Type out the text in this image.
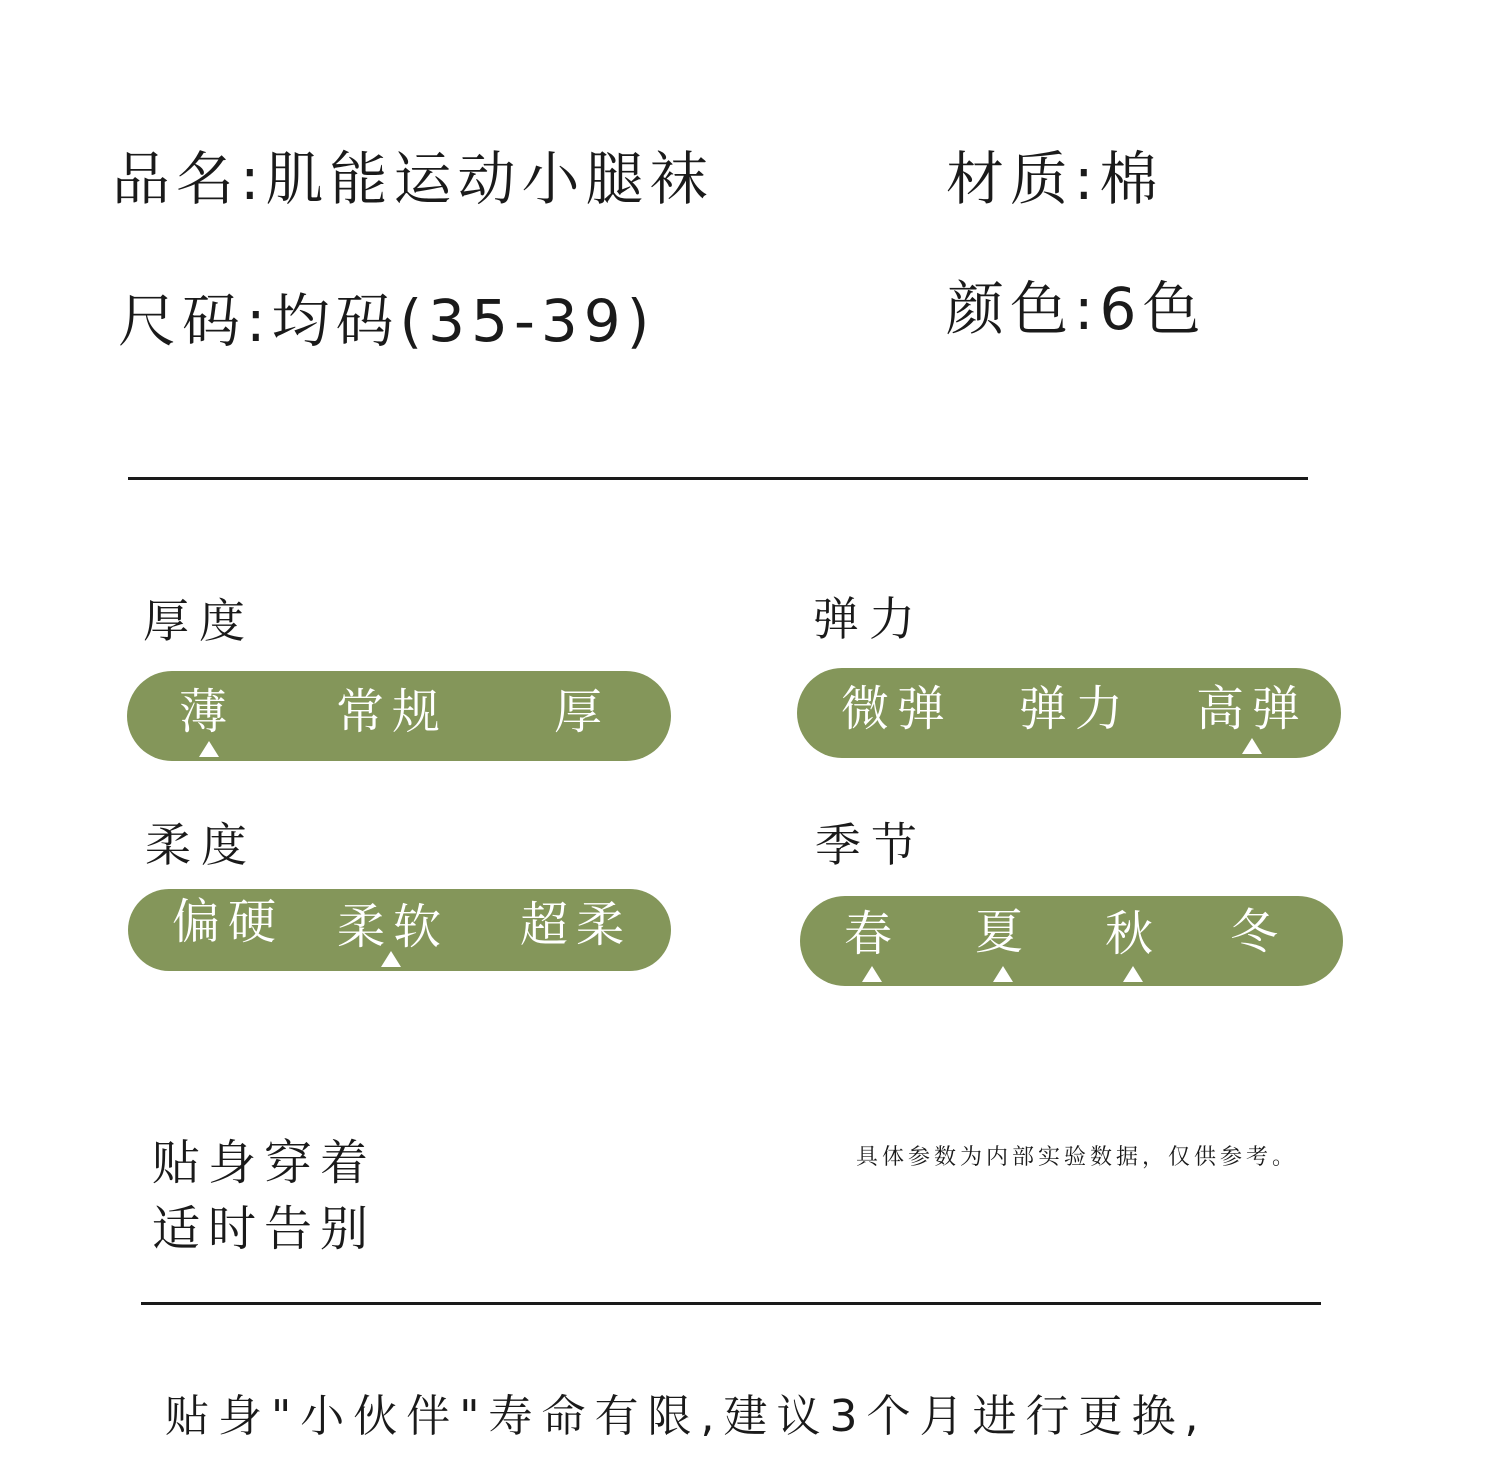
品名:肌能运动小腿袜	材质:棉
尺码:均码(35-39)	颜色:6色
厚度
薄	常规	厚
弹力
微弹 弹力 高弹
柔度
偏硬 柔软 超柔
季节
春 夏 秋 冬
贴身穿着
适时告别
具体参数为内部实验数据，仅供参考。
贴身"小伙伴"寿命有限,建议3个月进行更换,
